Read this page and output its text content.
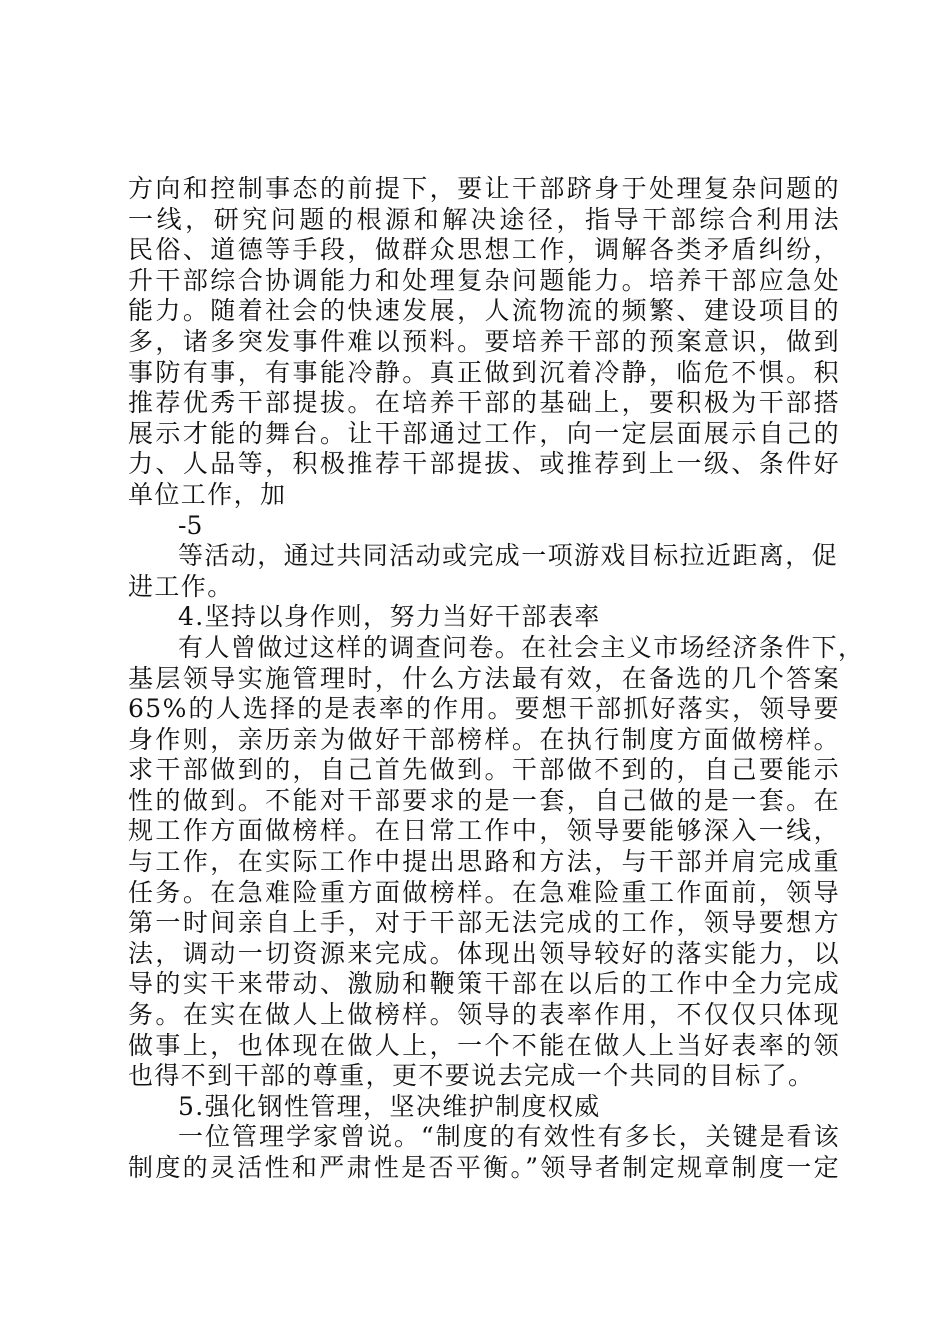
方向和控制事态的前提下，要让干部跻身于处理复杂问题的
一线，研究问题的根源和解决途径，指导干部综合利用法
民俗、道德等手段，做群众思想工作，调解各类矛盾纠纷，
升干部综合协调能力和处理复杂问题能力。培养干部应急处
能力。随着社会的快速发展，人流物流的频繁、建设项目的
多，诸多突发事件难以预料。要培养干部的预案意识，做到
事防有事，有事能冷静。真正做到沉着冷静，临危不惧。积
推荐优秀干部提拔。在培养干部的基础上，要积极为干部搭
展示才能的舞台。让干部通过工作，向一定层面展示自己的
力、人品等，积极推荐干部提拔、或推荐到上一级、条件好
单位工作，加
-5
等活动，通过共同活动或完成一项游戏目标拉近距离，促
进工作。
4.坚持以身作则，努力当好干部表率
有人曾做过这样的调查问卷。在社会主义市场经济条件下，
基层领导实施管理时，什么方法最有效，在备选的几个答案
65%的人选择的是表率的作用。要想干部抓好落实，领导要
身作则，亲历亲为做好干部榜样。在执行制度方面做榜样。
求干部做到的，自己首先做到。干部做不到的，自己要能示
性的做到。不能对干部要求的是一套，自己做的是一套。在
规工作方面做榜样。在日常工作中，领导要能够深入一线，
与工作，在实际工作中提出思路和方法，与干部并肩完成重
任务。在急难险重方面做榜样。在急难险重工作面前，领导
第一时间亲自上手，对于干部无法完成的工作，领导要想方
法，调动一切资源来完成。体现出领导较好的落实能力，以
导的实干来带动、激励和鞭策干部在以后的工作中全力完成
务。在实在做人上做榜样。领导的表率作用，不仅仅只体现
做事上，也体现在做人上，一个不能在做人上当好表率的领
也得不到干部的尊重，更不要说去完成一个共同的目标了。
5.强化钢性管理，坚决维护制度权威
一位管理学家曾说。“制度的有效性有多长，关键是看该
制度的灵活性和严肃性是否平衡。”领导者制定规章制度一定
